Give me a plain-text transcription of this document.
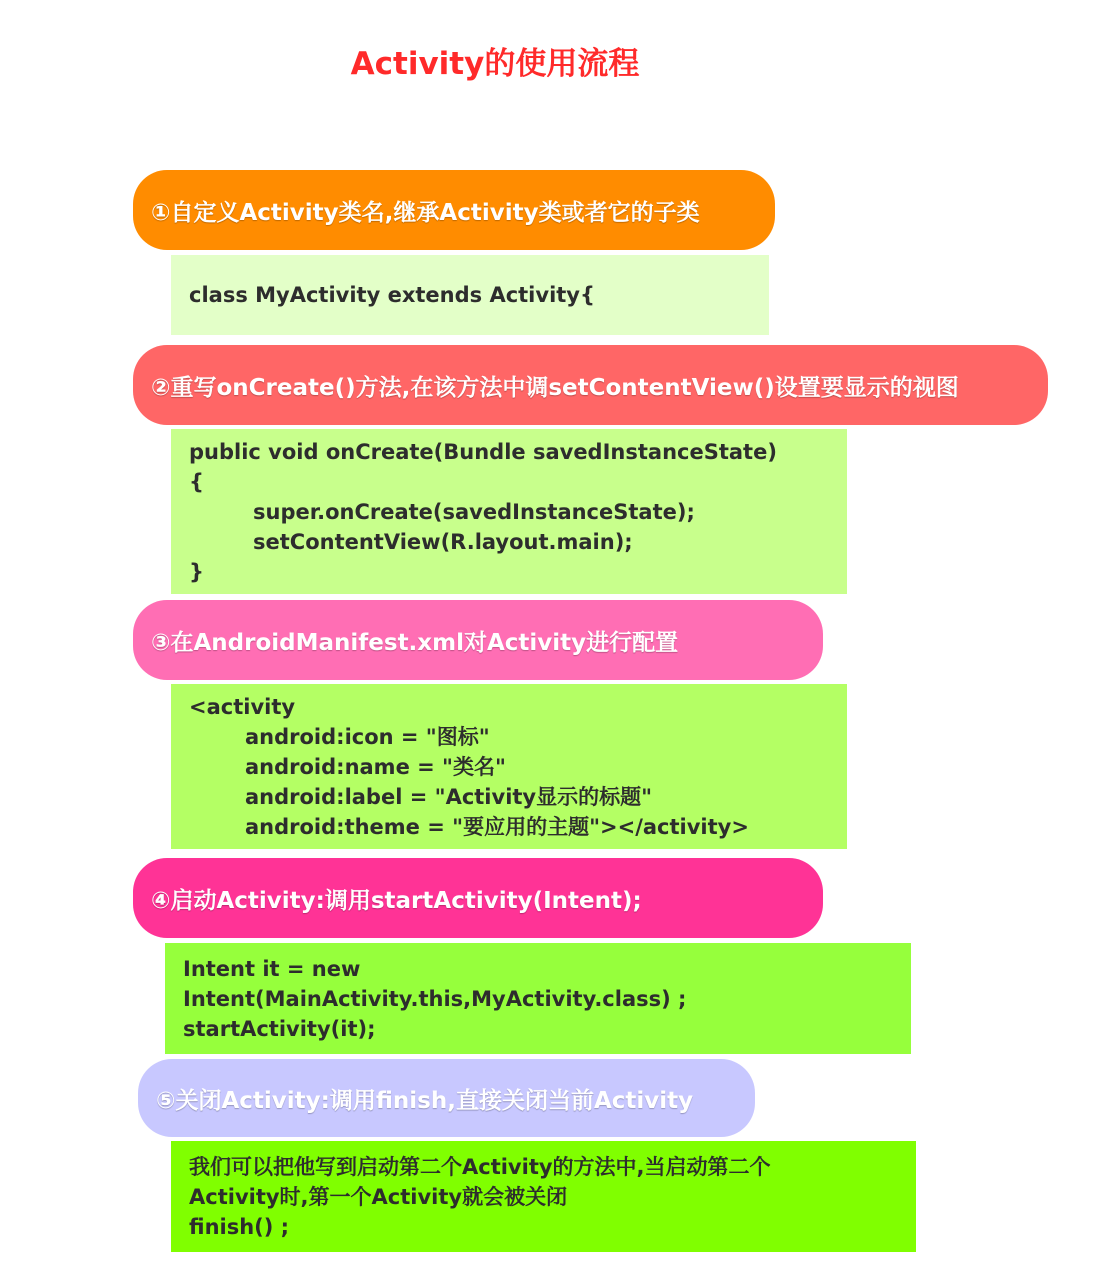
Activity的使用流程
①自定义Activity类名,继承Activity类或者它的子类
class MyActivity extends Activity{
②重写onCreate()方法,在该方法中调setContentView()设置要显示的视图
public void onCreate(Bundle savedInstanceState)
{
super.onCreate(savedInstanceState);
setContentView(R.layout.main);
}
③在AndroidManifest.xml对Activity进行配置
<activity
android:icon = "图标"
android:name = "类名"
android:label = "Activity显示的标题"
android:theme = "要应用的主题"></activity>
④启动Activity:调用startActivity(Intent);
Intent it = new
Intent(MainActivity.this,MyActivity.class) ;
startActivity(it);
⑤关闭Activity:调用finish,直接关闭当前Activity
我们可以把他写到启动第二个Activity的方法中,当启动第二个
Activity时,第一个Activity就会被关闭
finish() ;
